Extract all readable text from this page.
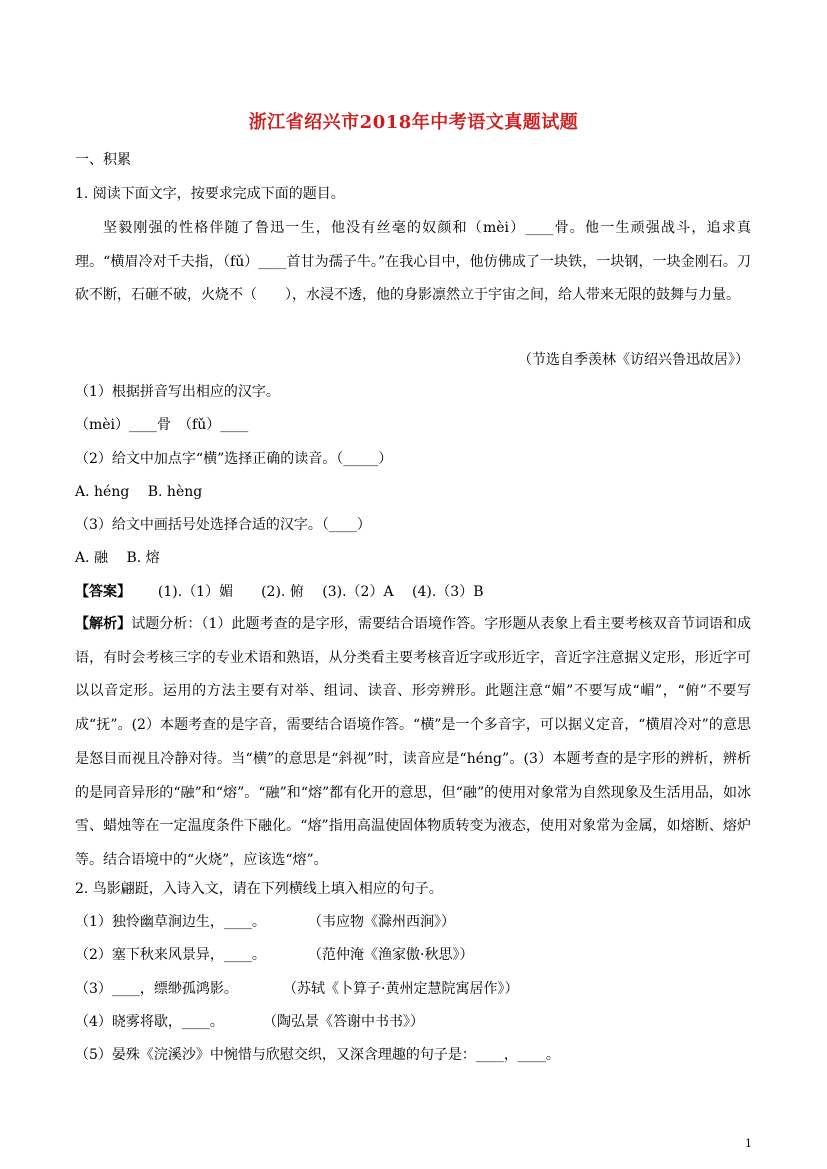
浙江省绍兴市2018年中考语文真题试题
一、积累
1. 阅读下面文字，按要求完成下面的题目。
坚毅刚强的性格伴随了鲁迅一生，他没有丝毫的奴颜和（mèi）____骨。他一生顽强战斗，追求真理。“横眉冷对千夫指，（fǔ）____首甘为孺子牛。”在我心目中，他仿佛成了一块铁，一块钢，一块金刚石。刀砍不断，石砸不破，火烧不（　　），水浸不透，他的身影凛然立于宇宙之间，给人带来无限的鼓舞与力量。
（节选自季羡林《访绍兴鲁迅故居》）
（1）根据拼音写出相应的汉字。
（mèi）____骨　（fǔ）____
（2）给文中加点字“横”选择正确的读音。（_____）
A. héng　 B. hèng
（3）给文中画括号处选择合适的汉字。（____）
A. 融　 B. 熔
【答案】 (1).（1）媚　　(2). 俯　 (3).（2）A　 (4).（3）B
【解析】试题分析：（1）此题考查的是字形，需要结合语境作答。字形题从表象上看主要考核双音节词语和成语，有时会考核三字的专业术语和熟语，从分类看主要考核音近字或形近字，音近字注意据义定形，形近字可以以音定形。运用的方法主要有对举、组词、读音、形旁辨形。此题注意“媚”不要写成“嵋”，“俯”不要写成“抚”。(2）本题考查的是字音，需要结合语境作答。“横”是一个多音字，可以据义定音，“横眉冷对”的意思是怒目而视且冷静对待。当“横”的意思是“斜视”时，读音应是“héng”。(3）本题考查的是字形的辨析，辨析的是同音异形的“融”和“熔”。“融”和“熔”都有化开的意思，但“融”的使用对象常为自然现象及生活用品，如冰雪、蜡烛等在一定温度条件下融化。“熔”指用高温使固体物质转变为液态，使用对象常为金属，如熔断、熔炉等。结合语境中的“火烧”，应该选“熔”。
2. 鸟影翩跹，入诗入文，请在下列横线上填入相应的句子。
（1）独怜幽草涧边生，____。	（韦应物《滁州西涧》）
（2）塞下秋来风景异，____。	（范仲淹《渔家傲·秋思》）
（3）____，缥缈孤鸿影。	（苏轼《卜算子·黄州定慧院寓居作》）
（4）晓雾将歇，____。	（陶弘景《答谢中书书》）
（5）晏殊《浣溪沙》中惋惜与欣慰交织，又深含理趣的句子是：____，____。
1
